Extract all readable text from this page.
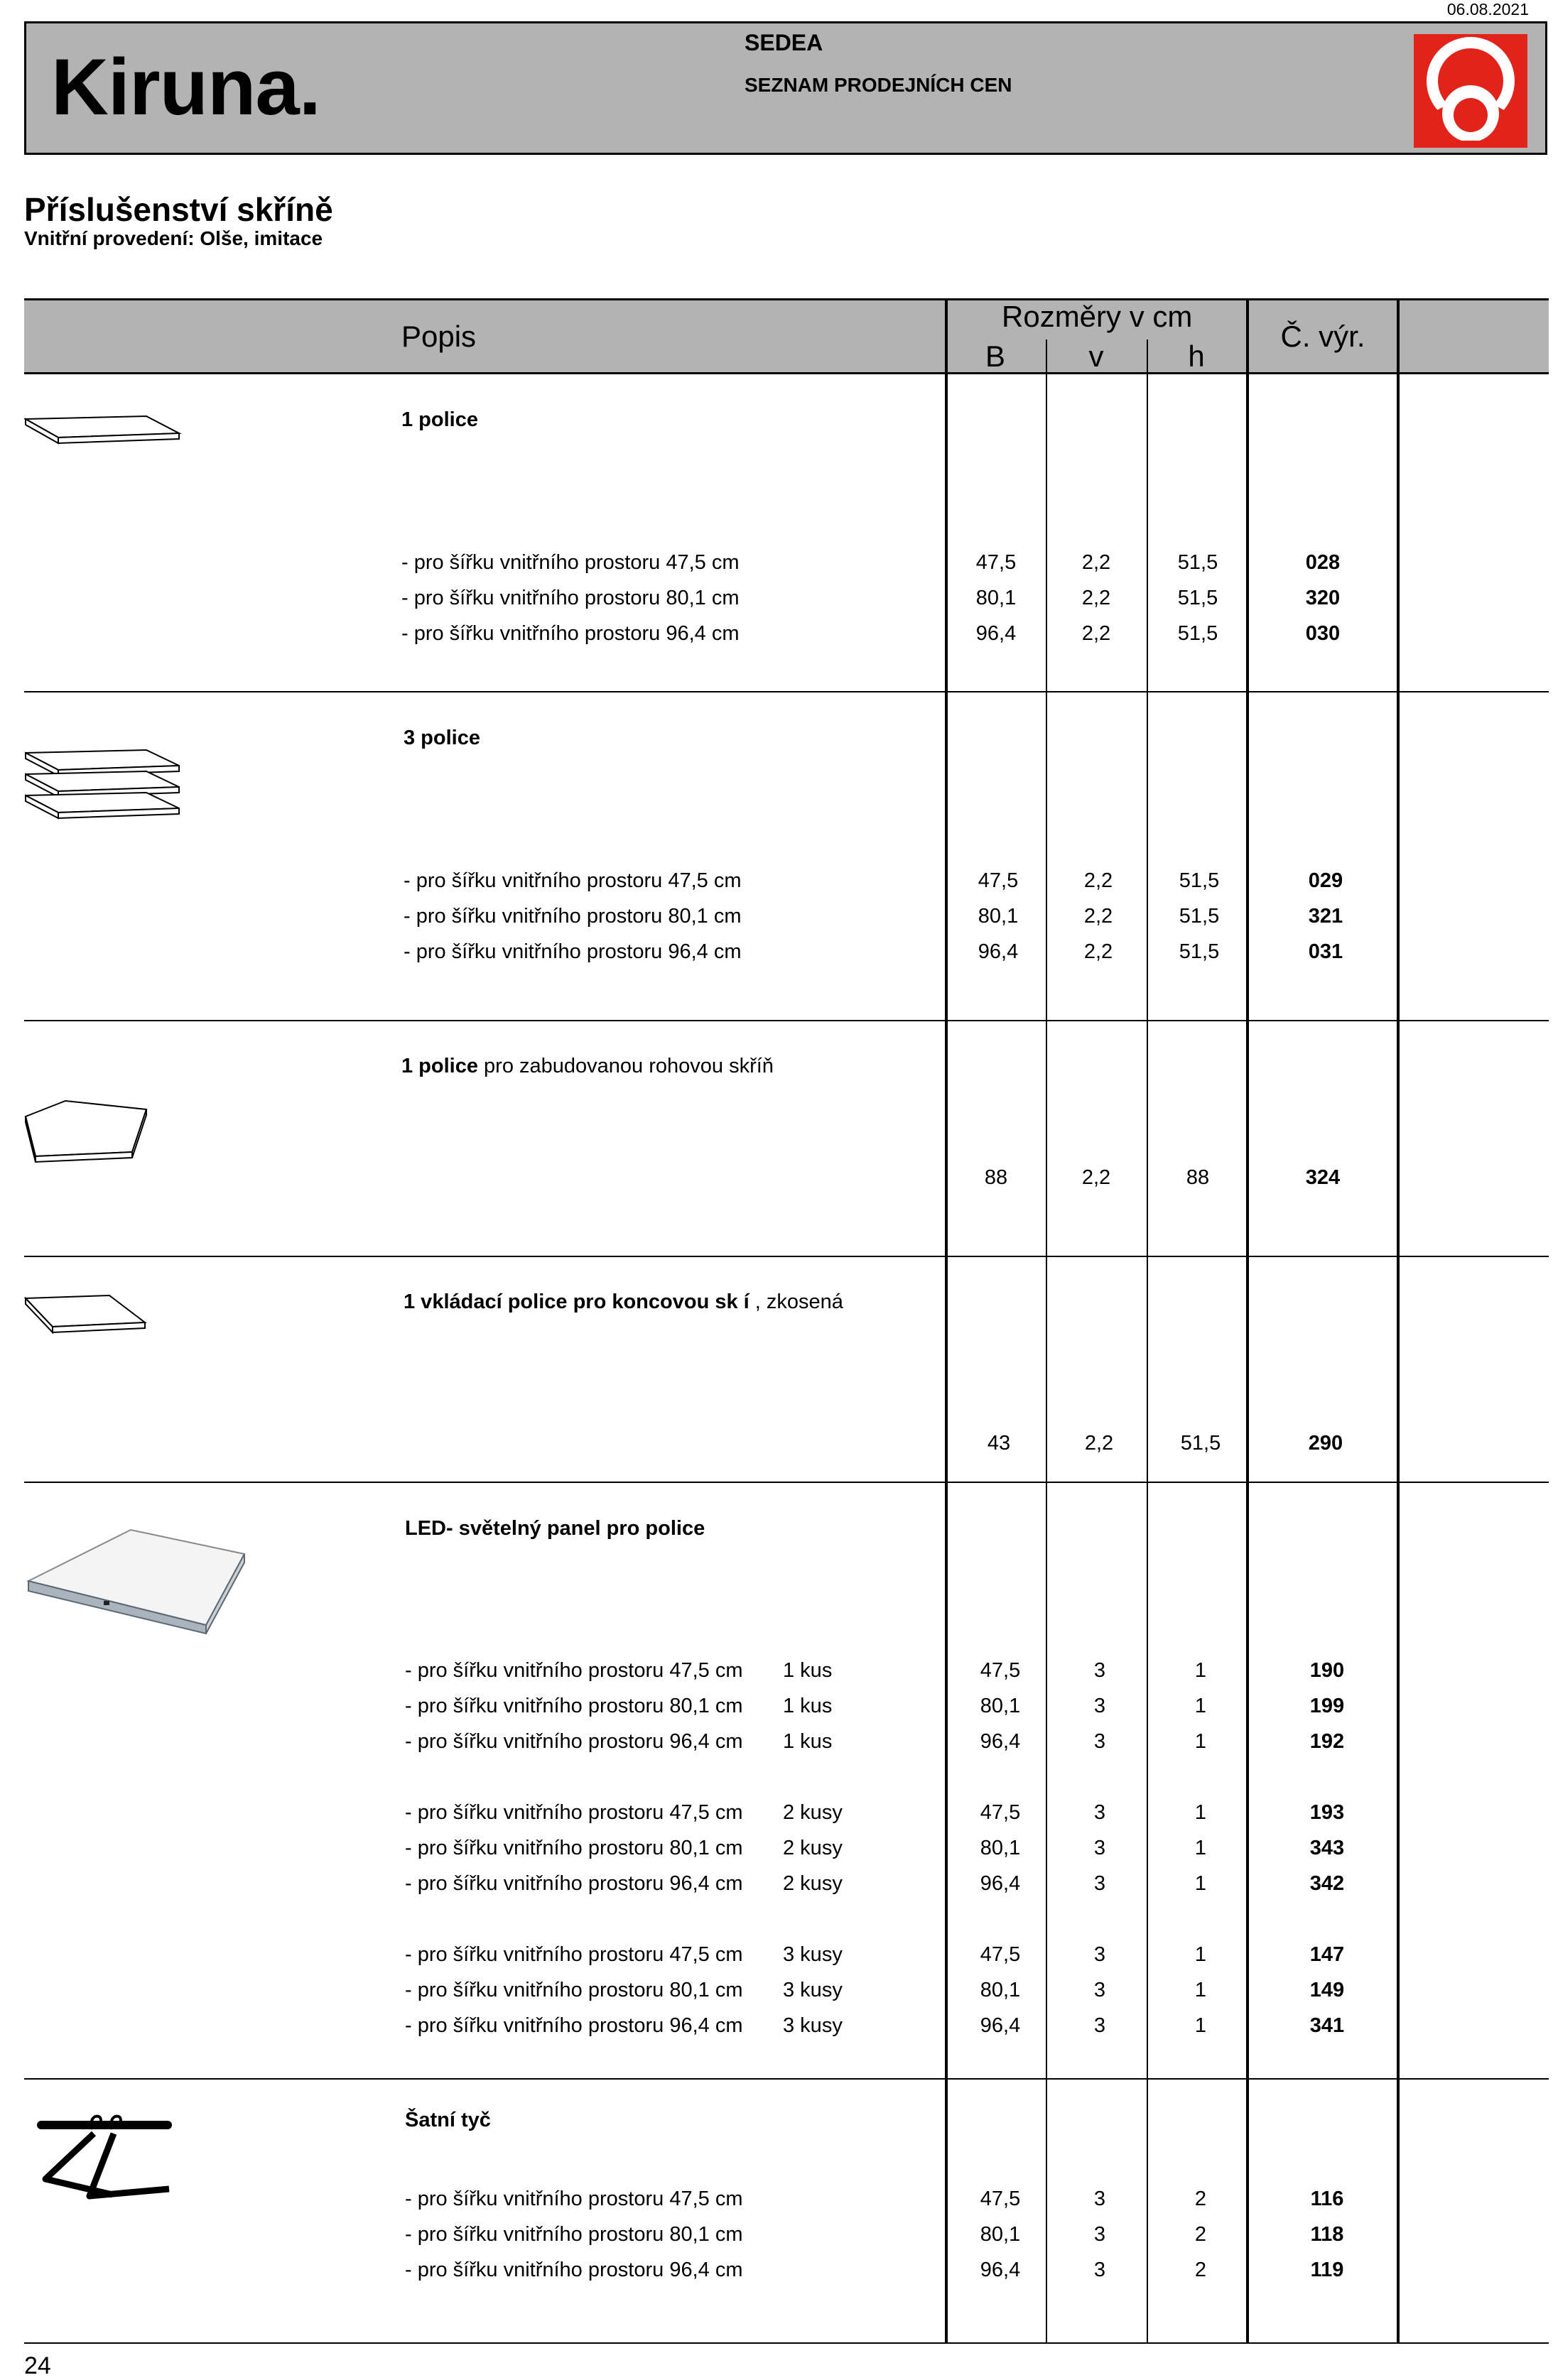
06.08.2021
Kiruna.	SEDEA
SEZNAM PRODEJNÍCH CEN
Příslušenství skříně
Vnitřní provedení: Olše, imitace
Popis
Rozměry v cm
B	v	h
Č. výr.
1 police
- pro šířku vnitřního prostoru 47,5 cm	47,5	2,2	51,5	028
- pro šířku vnitřního prostoru 80,1 cm	80,1	2,2	51,5	320
- pro šířku vnitřního prostoru 96,4 cm	96,4	2,2	51,5	030
3 police
- pro šířku vnitřního prostoru 47,5 cm	47,5	2,2	51,5	029
- pro šířku vnitřního prostoru 80,1 cm	80,1	2,2	51,5	321
- pro šířku vnitřního prostoru 96,4 cm	96,4	2,2	51,5	031
1 police pro zabudovanou rohovou skříň
88	2,2	88	324
1 vkládací police pro koncovou sk í , zkosená
43	2,2	51,5	290
LED- světelný panel pro police
- pro šířku vnitřního prostoru 47,5 cm 1 kus	47,5	3	1	190
- pro šířku vnitřního prostoru 80,1 cm 1 kus	80,1	3	1	199
- pro šířku vnitřního prostoru 96,4 cm 1 kus	96,4	3	1	192
- pro šířku vnitřního prostoru 47,5 cm 2 kusy	47,5	3	1	193
- pro šířku vnitřního prostoru 80,1 cm 2 kusy	80,1	3	1	343
- pro šířku vnitřního prostoru 96,4 cm 2 kusy	96,4	3	1	342
- pro šířku vnitřního prostoru 47,5 cm 3 kusy	47,5	3	1	147
- pro šířku vnitřního prostoru 80,1 cm 3 kusy	80,1	3	1	149
- pro šířku vnitřního prostoru 96,4 cm 3 kusy	96,4	3	1	341
Šatní tyč
- pro šířku vnitřního prostoru 47,5 cm	47,5	3	2	116
- pro šířku vnitřního prostoru 80,1 cm	80,1	3	2	118
- pro šířku vnitřního prostoru 96,4 cm	96,4	3	2	119
24
